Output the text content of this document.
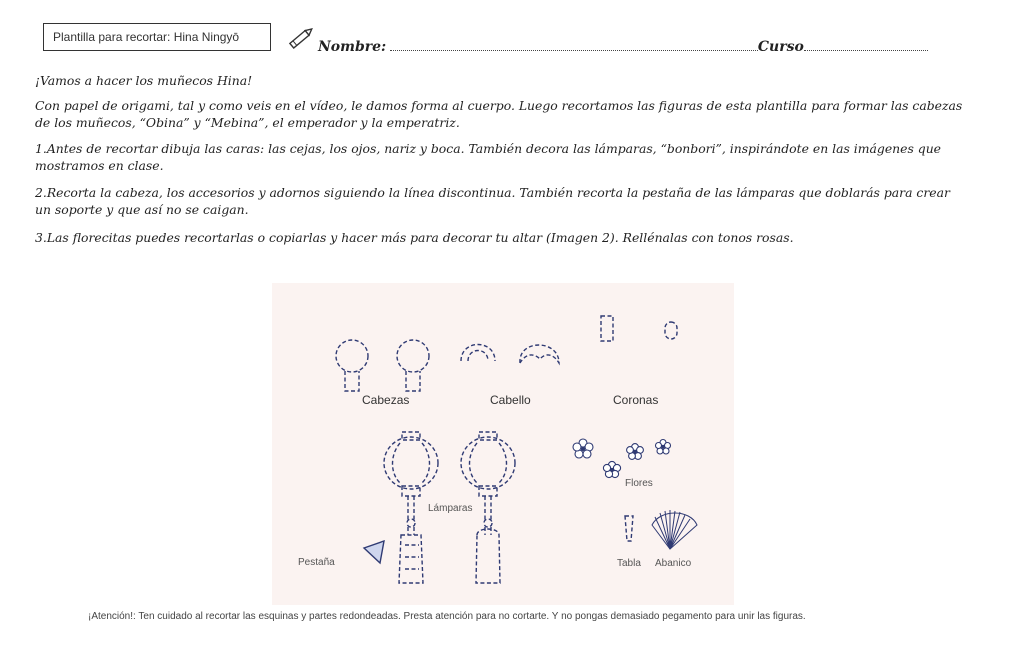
Plantilla para recortar: Hina Ningyō
Nombre:	Curso
¡Vamos a hacer los muñecos Hina!
Con papel de origami, tal y como veis en el vídeo, le damos forma al cuerpo. Luego recortamos las figuras de esta plantilla para formar las cabezas de los muñecos, “Obina” y “Mebina”, el emperador y la emperatriz.
1.Antes de recortar dibuja las caras: las cejas, los ojos, nariz y boca. También decora las lámparas, “bonbori”, inspirándote en las imágenes que mostramos en clase.
2.Recorta la cabeza, los accesorios y adornos siguiendo la línea discontinua. También recorta la pestaña de las lámparas que doblarás para crear un soporte y que así no se caigan.
3.Las florecitas puedes recortarlas o copiarlas y hacer más para decorar tu altar (Imagen 2). Rellénalas con tonos rosas.
Cabezas	Cabello	Coronas
Lámparas
Flores
Pestaña	Tabla Abanico
¡Atención!: Ten cuidado al recortar las esquinas y partes redondeadas. Presta atención para no cortarte. Y no pongas demasiado pegamento para unir las figuras.
